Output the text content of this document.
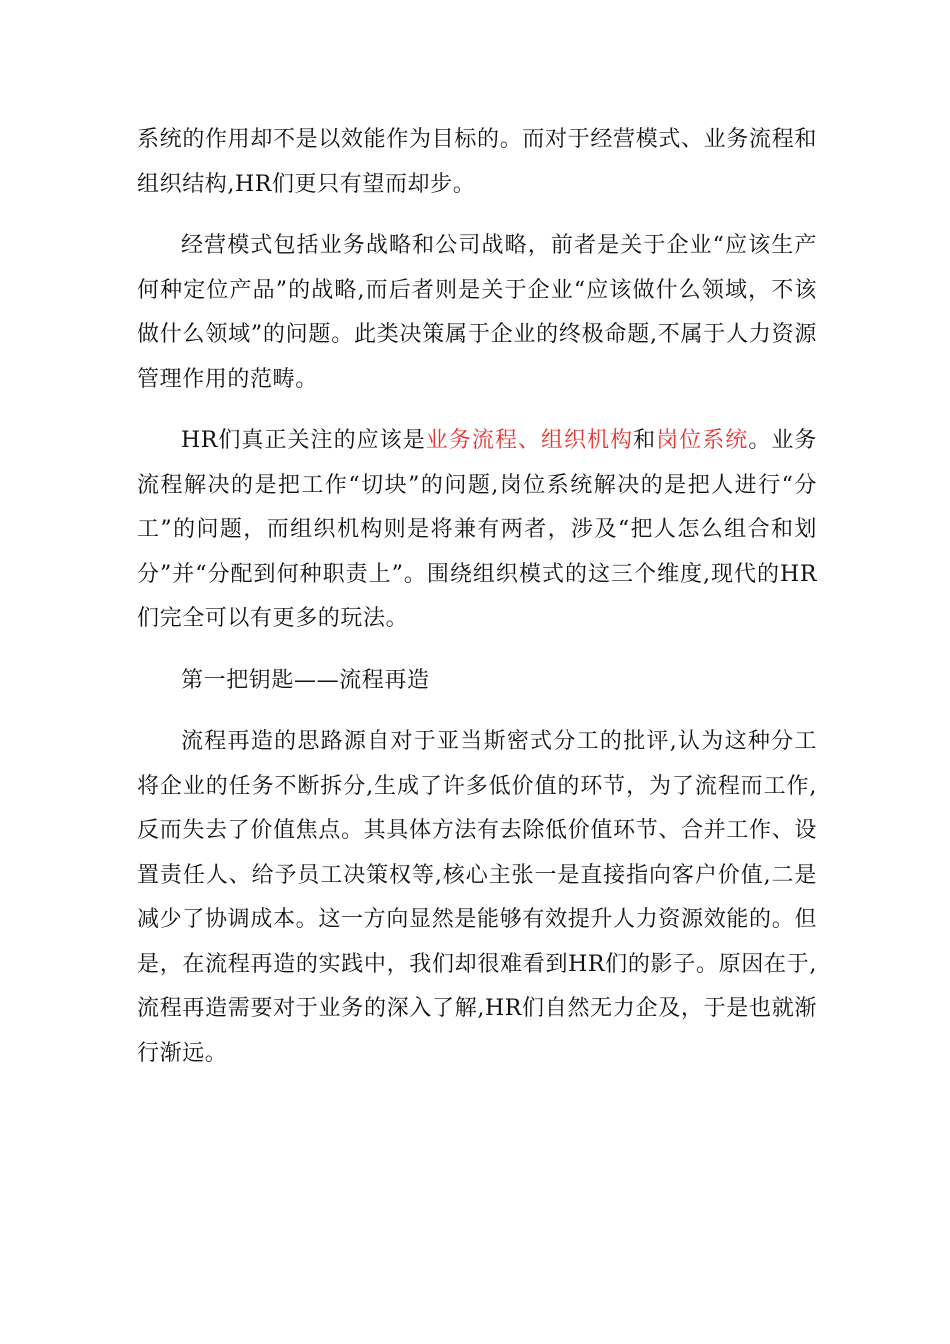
系统的作用却不是以效能作为目标的。而对于经营模式、业务流程和组织结构,HR们更只有望而却步。

经营模式包括业务战略和公司战略，前者是关于企业“应该生产何种定位产品”的战略,而后者则是关于企业“应该做什么领域，不该做什么领域”的问题。此类决策属于企业的终极命题,不属于人力资源管理作用的范畴。

HR们真正关注的应该是业务流程、组织机构和岗位系统。业务流程解决的是把工作“切块”的问题,岗位系统解决的是把人进行“分工”的问题，而组织机构则是将兼有两者，涉及“把人怎么组合和划分”并“分配到何种职责上”。围绕组织模式的这三个维度,现代的HR们完全可以有更多的玩法。

第一把钥匙——流程再造

流程再造的思路源自对于亚当斯密式分工的批评,认为这种分工将企业的任务不断拆分,生成了许多低价值的环节，为了流程而工作,反而失去了价值焦点。其具体方法有去除低价值环节、合并工作、设置责任人、给予员工决策权等,核心主张一是直接指向客户价值,二是减少了协调成本。这一方向显然是能够有效提升人力资源效能的。但是，在流程再造的实践中，我们却很难看到HR们的影子。原因在于,流程再造需要对于业务的深入了解,HR们自然无力企及，于是也就渐行渐远。
